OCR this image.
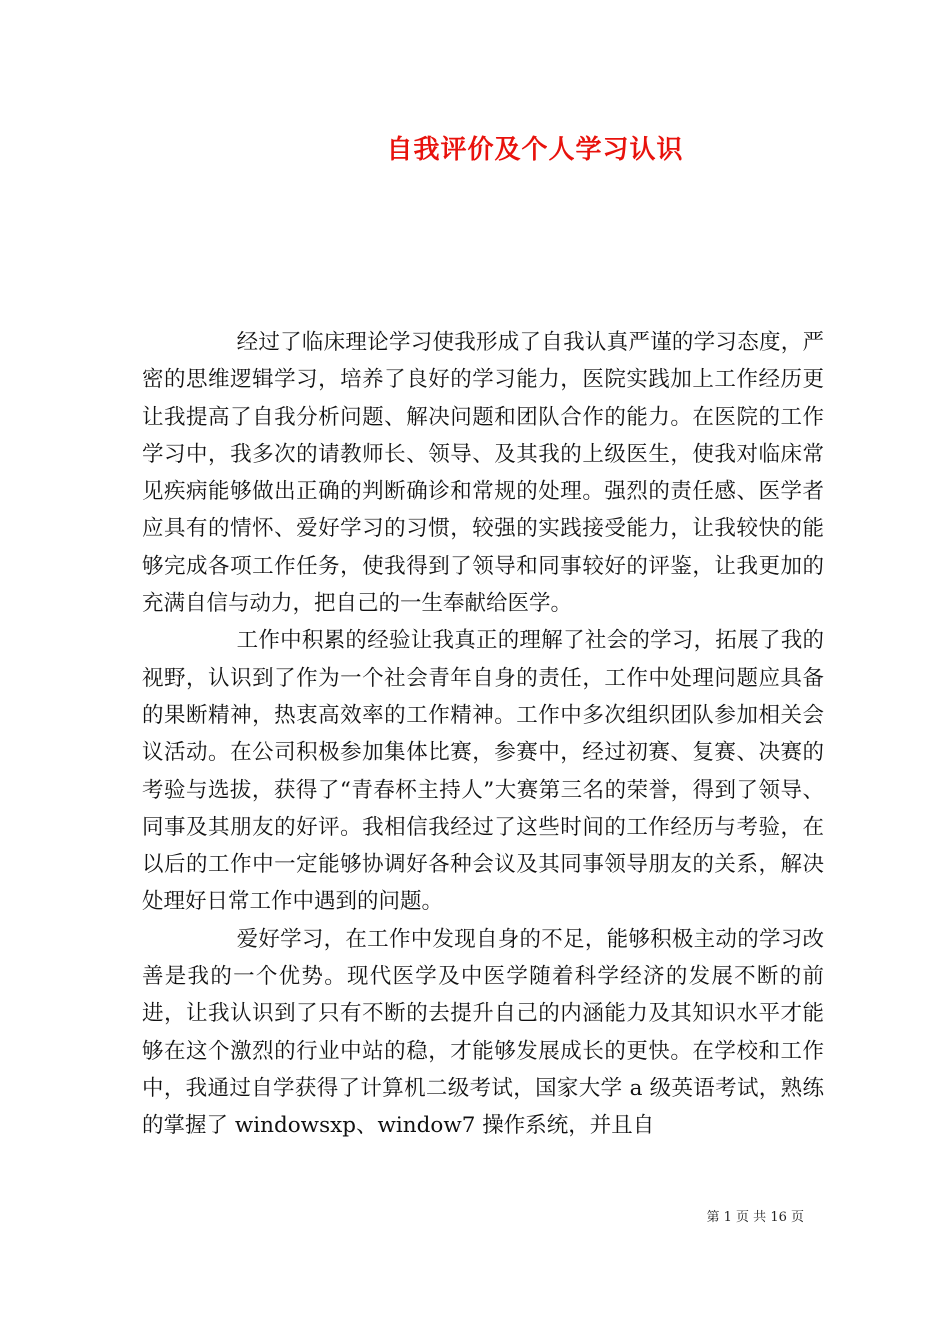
自我评价及个人学习认识

经过了临床理论学习使我形成了自我认真严谨的学习态度，严密的思维逻辑学习，培养了良好的学习能力，医院实践加上工作经历更让我提高了自我分析问题、解决问题和团队合作的能力。在医院的工作学习中，我多次的请教师长、领导、及其我的上级医生，使我对临床常见疾病能够做出正确的判断确诊和常规的处理。强烈的责任感、医学者应具有的情怀、爱好学习的习惯，较强的实践接受能力，让我较快的能够完成各项工作任务，使我得到了领导和同事较好的评鉴，让我更加的充满自信与动力，把自己的一生奉献给医学。

工作中积累的经验让我真正的理解了社会的学习，拓展了我的视野，认识到了作为一个社会青年自身的责任，工作中处理问题应具备的果断精神，热衷高效率的工作精神。工作中多次组织团队参加相关会议活动。在公司积极参加集体比赛，参赛中，经过初赛、复赛、决赛的考验与选拔，获得了“青春杯主持人”大赛第三名的荣誉，得到了领导、同事及其朋友的好评。我相信我经过了这些时间的工作经历与考验，在以后的工作中一定能够协调好各种会议及其同事领导朋友的关系，解决处理好日常工作中遇到的问题。

爱好学习，在工作中发现自身的不足，能够积极主动的学习改善是我的一个优势。现代医学及中医学随着科学经济的发展不断的前进，让我认识到了只有不断的去提升自己的内涵能力及其知识水平才能够在这个激烈的行业中站的稳，才能够发展成长的更快。在学校和工作中，我通过自学获得了计算机二级考试，国家大学 a 级英语考试，熟练的掌握了 windowsxp、window7 操作系统，并且自

第 1 页 共 16 页
